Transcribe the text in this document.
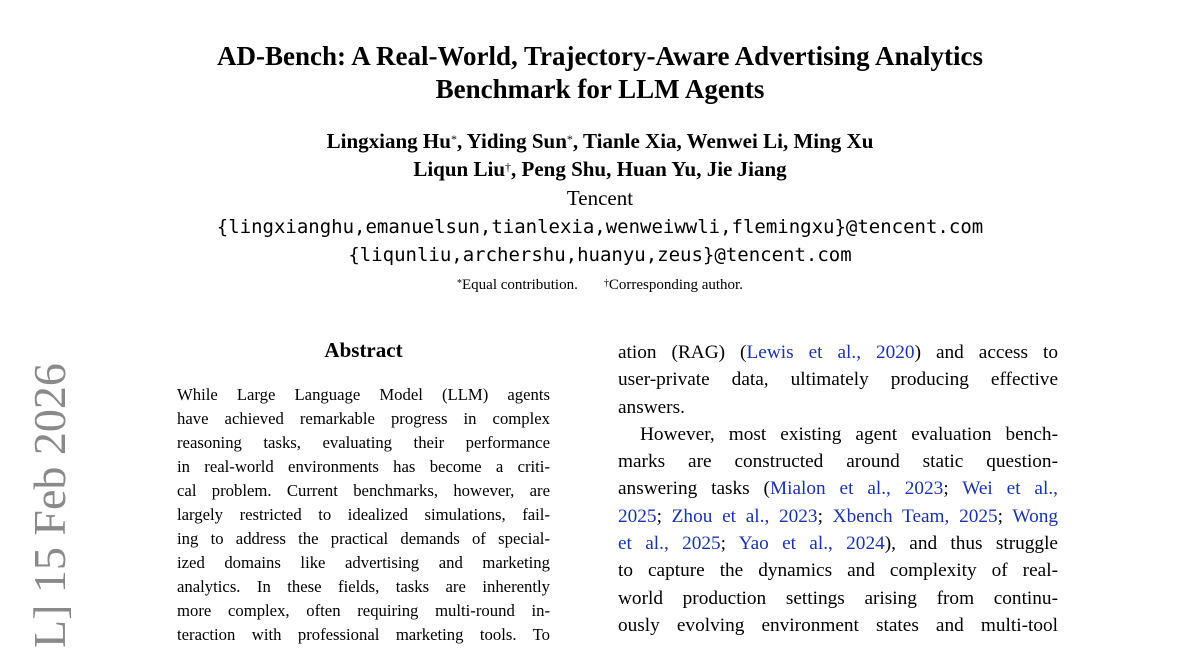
AD-Bench: A Real-World, Trajectory-Aware Advertising Analytics
Benchmark for LLM Agents
Lingxiang Hu*, Yiding Sun*, Tianle Xia, Wenwei Li, Ming Xu
Liqun Liu†, Peng Shu, Huan Yu, Jie Jiang
Tencent
{lingxianghu,emanuelsun,tianlexia,wenweiwwli,flemingxu}@tencent.com
{liqunliu,archershu,huanyu,zeus}@tencent.com
*Equal contribution.	†Corresponding author.
Abstract
While Large Language Model (LLM) agents
have achieved remarkable progress in complex
reasoning tasks, evaluating their performance
in real-world environments has become a criti-
cal problem. Current benchmarks, however, are
largely restricted to idealized simulations, fail-
ing to address the practical demands of special-
ized domains like advertising and marketing
analytics. In these fields, tasks are inherently
more complex, often requiring multi-round in-
teraction with professional marketing tools. To
ation (RAG) (Lewis et al., 2020) and access to
user-private data, ultimately producing effective
answers.
However, most existing agent evaluation bench-
marks are constructed around static question-
answering tasks (Mialon et al., 2023; Wei et al.,
2025; Zhou et al., 2023; Xbench Team, 2025; Wong
et al., 2025; Yao et al., 2024), and thus struggle
to capture the dynamics and complexity of real-
world production settings arising from continu-
ously evolving environment states and multi-tool
L] 15 Feb 2026
